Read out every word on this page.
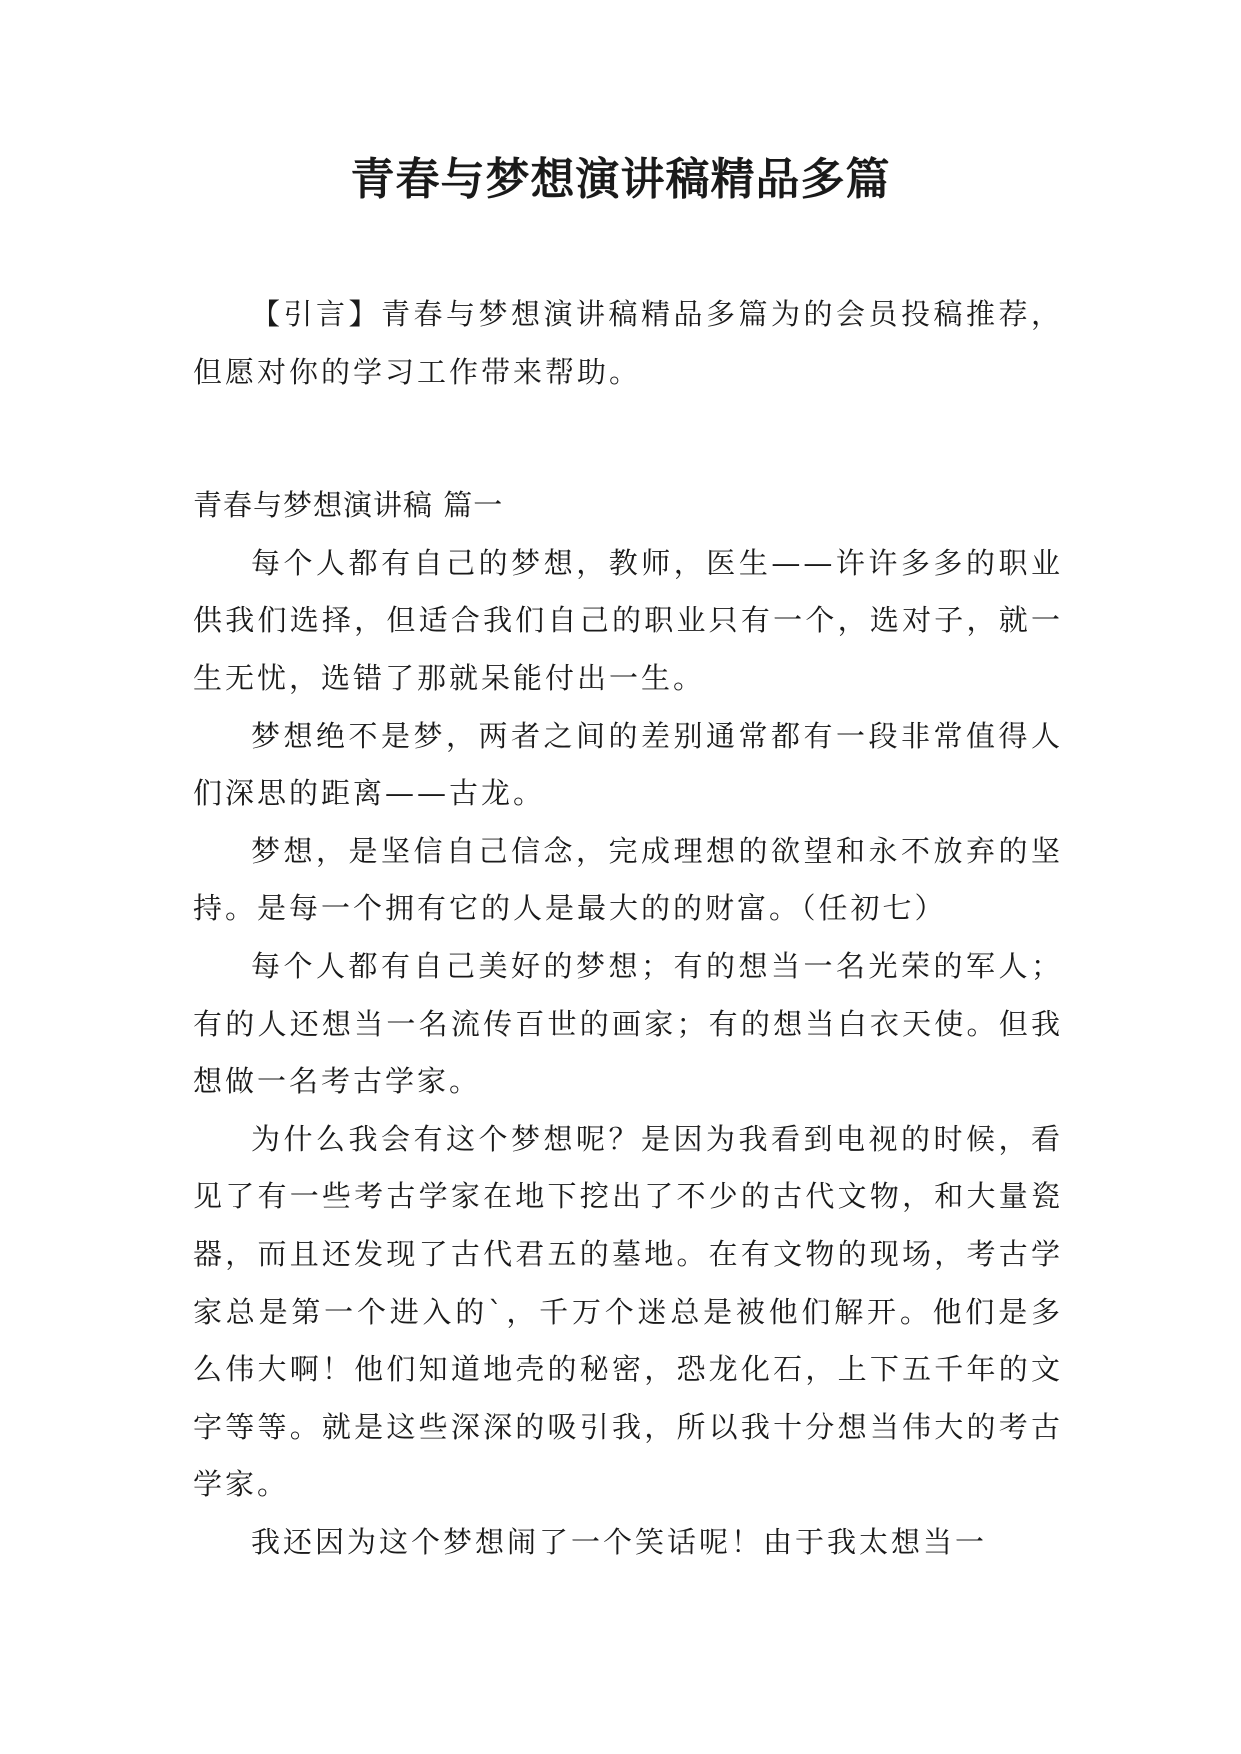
青春与梦想演讲稿精品多篇

【引言】青春与梦想演讲稿精品多篇为的会员投稿推荐，但愿对你的学习工作带来帮助。

青春与梦想演讲稿 篇一

每个人都有自己的梦想，教师，医生——许许多多的职业供我们选择，但适合我们自己的职业只有一个，选对子，就一生无忧，选错了那就呆能付出一生。

梦想绝不是梦，两者之间的差别通常都有一段非常值得人们深思的距离——古龙。

梦想，是坚信自己信念，完成理想的欲望和永不放弃的坚持。是每一个拥有它的人是最大的的财富。（任初七）

每个人都有自己美好的梦想；有的想当一名光荣的军人；有的人还想当一名流传百世的画家；有的想当白衣天使。但我想做一名考古学家。

为什么我会有这个梦想呢？是因为我看到电视的时候，看见了有一些考古学家在地下挖出了不少的古代文物，和大量瓷器，而且还发现了古代君五的墓地。在有文物的现场，考古学家总是第一个进入的`，千万个迷总是被他们解开。他们是多么伟大啊！他们知道地壳的秘密，恐龙化石，上下五千年的文字等等。就是这些深深的吸引我，所以我十分想当伟大的考古学家。

我还因为这个梦想闹了一个笑话呢！由于我太想当一
